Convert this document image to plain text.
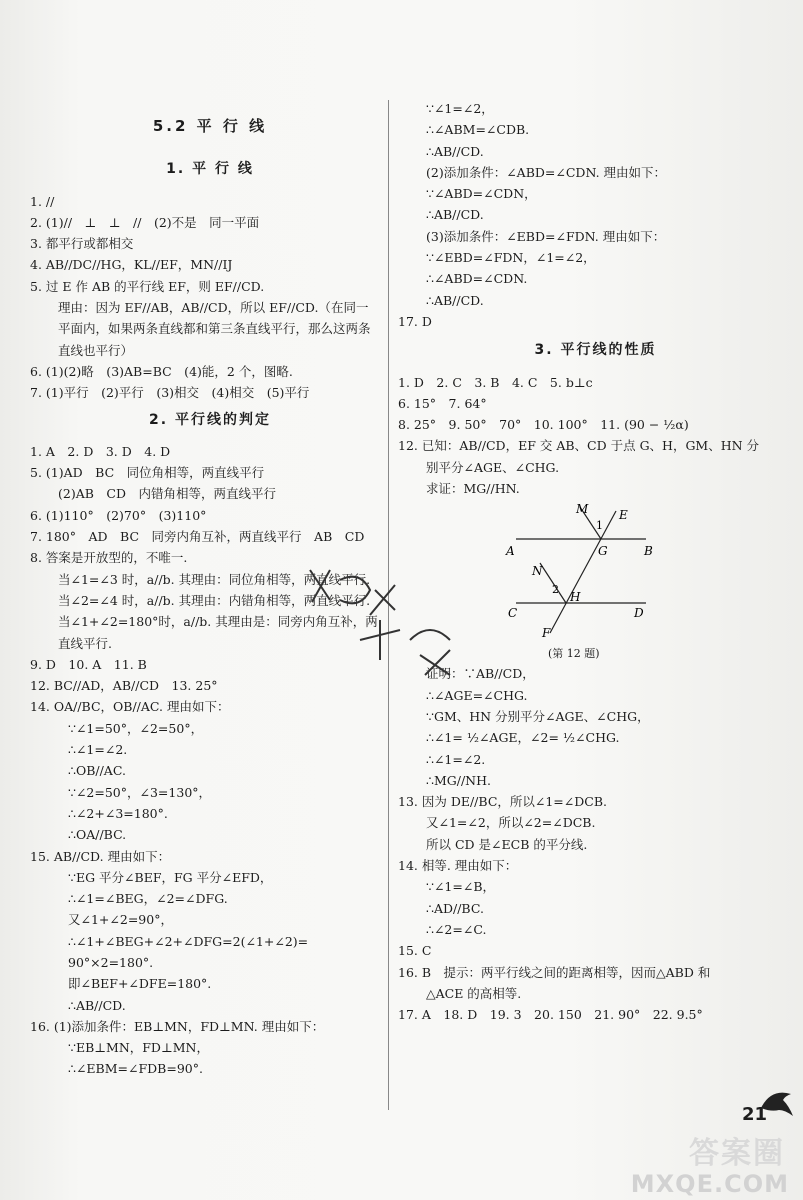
5.2 平 行 线
1. 平 行 线
1. //
2. (1)//　⊥　⊥　//　(2)不是　同一平面
3. 都平行或都相交
4. AB//DC//HG，KL//EF，MN//IJ
5. 过 E 作 AB 的平行线 EF，则 EF//CD.
理由：因为 EF//AB，AB//CD，所以 EF//CD.（在同一
平面内，如果两条直线都和第三条直线平行，那么这两条
直线也平行）
6. (1)(2)略　(3)AB=BC　(4)能，2 个，图略.
7. (1)平行　(2)平行　(3)相交　(4)相交　(5)平行
2. 平行线的判定
1. A　2. D　3. D　4. D
5. (1)AD　BC　同位角相等，两直线平行
(2)AB　CD　内错角相等，两直线平行
6. (1)110°　(2)70°　(3)110°
7. 180°　AD　BC　同旁内角互补，两直线平行　AB　CD
8. 答案是开放型的，不唯一.
当∠1=∠3 时，a//b. 其理由：同位角相等，两直线平行.
当∠2=∠4 时，a//b. 其理由：内错角相等，两直线平行.
当∠1+∠2=180°时，a//b. 其理由是：同旁内角互补，两
直线平行.
9. D　10. A　11. B
12. BC//AD，AB//CD　13. 25°
14. OA//BC，OB//AC. 理由如下：
∵∠1=50°，∠2=50°，
∴∠1=∠2.
∴OB//AC.
∵∠2=50°，∠3=130°，
∴∠2+∠3=180°.
∴OA//BC.
15. AB//CD. 理由如下：
∵EG 平分∠BEF，FG 平分∠EFD，
∴∠1=∠BEG，∠2=∠DFG.
又∠1+∠2=90°，
∴∠1+∠BEG+∠2+∠DFG=2(∠1+∠2)=
90°×2=180°.
即∠BEF+∠DFE=180°.
∴AB//CD.
16. (1)添加条件：EB⊥MN，FD⊥MN. 理由如下：
∵EB⊥MN，FD⊥MN，
∴∠EBM=∠FDB=90°.
∵∠1=∠2，
∴∠ABM=∠CDB.
∴AB//CD.
(2)添加条件：∠ABD=∠CDN. 理由如下：
∵∠ABD=∠CDN，
∴AB//CD.
(3)添加条件：∠EBD=∠FDN. 理由如下：
∵∠EBD=∠FDN，∠1=∠2，
∴∠ABD=∠CDN.
∴AB//CD.
17. D
3. 平行线的性质
1. D　2. C　3. B　4. C　5. b⊥c
6. 15°　7. 64°
8. 25°　9. 50°　70°　10. 100°　11. (90 − ½α)
12. 已知：AB//CD，EF 交 AB、CD 于点 G、H，GM、HN 分
别平分∠AGE、∠CHG.
求证：MG//HN.
M
1
E
A	G	B
N
2
H
C	D
F
(第 12 题)
证明：∵AB//CD，
∴∠AGE=∠CHG.
∵GM、HN 分别平分∠AGE、∠CHG，
∴∠1= ½∠AGE，∠2= ½∠CHG.
∴∠1=∠2.
∴MG//NH.
13. 因为 DE//BC，所以∠1=∠DCB.
又∠1=∠2，所以∠2=∠DCB.
所以 CD 是∠ECB 的平分线.
14. 相等. 理由如下：
∵∠1=∠B，
∴AD//BC.
∴∠2=∠C.
15. C
16. B　提示：两平行线之间的距离相等，因而△ABD 和
△ACE 的高相等.
17. A　18. D　19. 3　20. 150　21. 90°　22. 9.5°
21
答案圈
MXQE.COM
